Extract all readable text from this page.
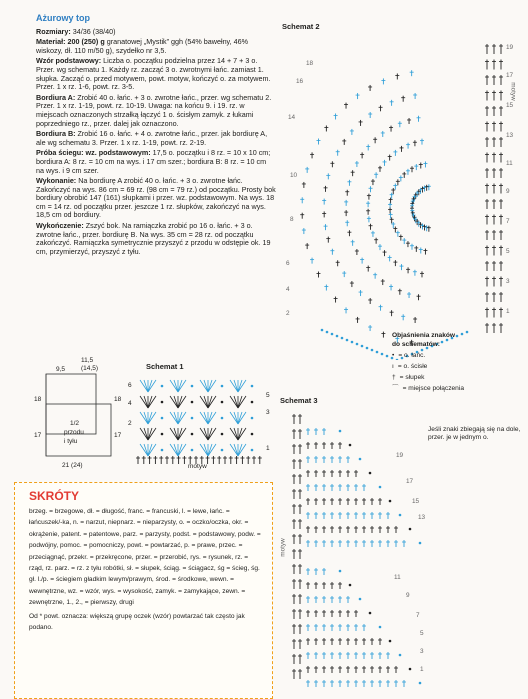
Ażurowy top

Rozmiary: 34/36 (38/40)

Materiał: 200 (250) g granatowej „Mystik” ggh (54% bawełny, 46% wiskozy, dł. 110 m/50 g), szydełko nr 3,5.

Wzór podstawowy: Liczba o. początku podzielna przez 14 + 7 + 3 o. Przer. wg schematu 1. Każdy rz. zacząć 3 o. zwrotnymi łańc. zamiast 1. słupka. Zacząć o. przed motywem, powt. motyw, kończyć o. za motywem. Przer. 1 x rz. 1-6, powt. rz. 3-5.

Bordiura A: Zrobić 40 o. łańc. + 3 o. zwrotne łańc., przer. wg schematu 2. Przer. 1 x rz. 1-19, powt. rz. 10-19. Uwaga: na końcu 9. i 19. rz. w miejscach oznaczonych strzałką łączyć 1 o. ścisłym zamyk. z łukami poprzedniego rz., przer. dalej jak oznaczono.

Bordiura B: Zrobić 16 o. łańc. + 4 o. zwrotne łańc., przer. jak bordiurę A, ale wg schematu 3. Przer. 1 x rz. 1-19, powt. rz. 2-19.

Próba ściegu: wz. podstawowym: 17,5 o. początku i 8 rz. = 10 x 10 cm; bordiura A: 8 rz. = 10 cm na wys. i 17 cm szer.; bordiura B: 8 rz. = 10 cm na wys. i 9 cm szer.

Wykonanie: Na bordiurę A zrobić 40 o. łańc. + 3 o. zwrotne łańc. Zakończyć na wys. 86 cm = 69 rz. (98 cm = 79 rz.) od początku. Prosty bok bordiury obrobić 147 (161) słupkami i przer. wz. podstawowym. Na wys. 18 cm = 14 rz. od początku przer. jeszcze 1 rz. słupków, zakończyć na wys. 18,5 cm od bordiury.

Wykończenie: Zszyć bok. Na ramiączka zrobić po 16 o. łańc. + 3 o. zwrotne łańc., przer. bordiurę B. Na wys. 35 cm = 28 rz. od początku zakończyć. Ramiączka symetrycznie przyszyć z przodu w odstępie ok. 19 cm, przymierzyć, przyszyć z tyłu.

9,5
11,5
(14,5)
18
17
18
17
1/2
przodu
i tyłu
21 (24)
Schemat 1
6
4
2
5
3
1
motyw
Schemat 2
18
16
14
10
8
6
4
2
19
17
15
13
11
9
7
5
3
1
motyw
Objaśnienia znaków
do schematów:
• = o. łańc.
ı = o. ścisłe
† = słupek
⌒ = miejsce połączenia
Jeśli znaki zbiegają się na dole, przer. je w jednym o.
Schemat 3
19
17
15
13
11
9
7
5
3
1
motyw
SKRÓTY
brzeg. = brzegowe, dł. = długość, franc. = francuski, l. = lewe, łańc. = łańcuszek/-ka, n. = narzut, niepnarz. = nieparzysty, o. = oczko/oczka, okr. = okrążenie, patent. = patentowe, parz. = parzysty, podst. = podstawowy, podw. = podwójny, pomoc. = pomocniczy, powt. = powtarzać, p. = prawe, przec. = przeciągnąć, przekr. = przekręcone, przer. = przerobić, rys. = rysunek, rz. = rząd, rz. parz. = rz. z tyłu robótki, sł. = słupek, ściąg. = ściągacz, śg = ścieg, śg. gł. l./p. = ściegiem gładkim lewym/prawym, środ. = środkowe, wewn. = wewnętrzne, wz. = wzór, wys. = wysokość, zamyk. = zamykające, zewn. = zewnętrzne, 1., 2., = pierwszy, drugi
Od * powt. oznacza: większą grupę oczek (wzór) powtarzać tak często jak podano.
